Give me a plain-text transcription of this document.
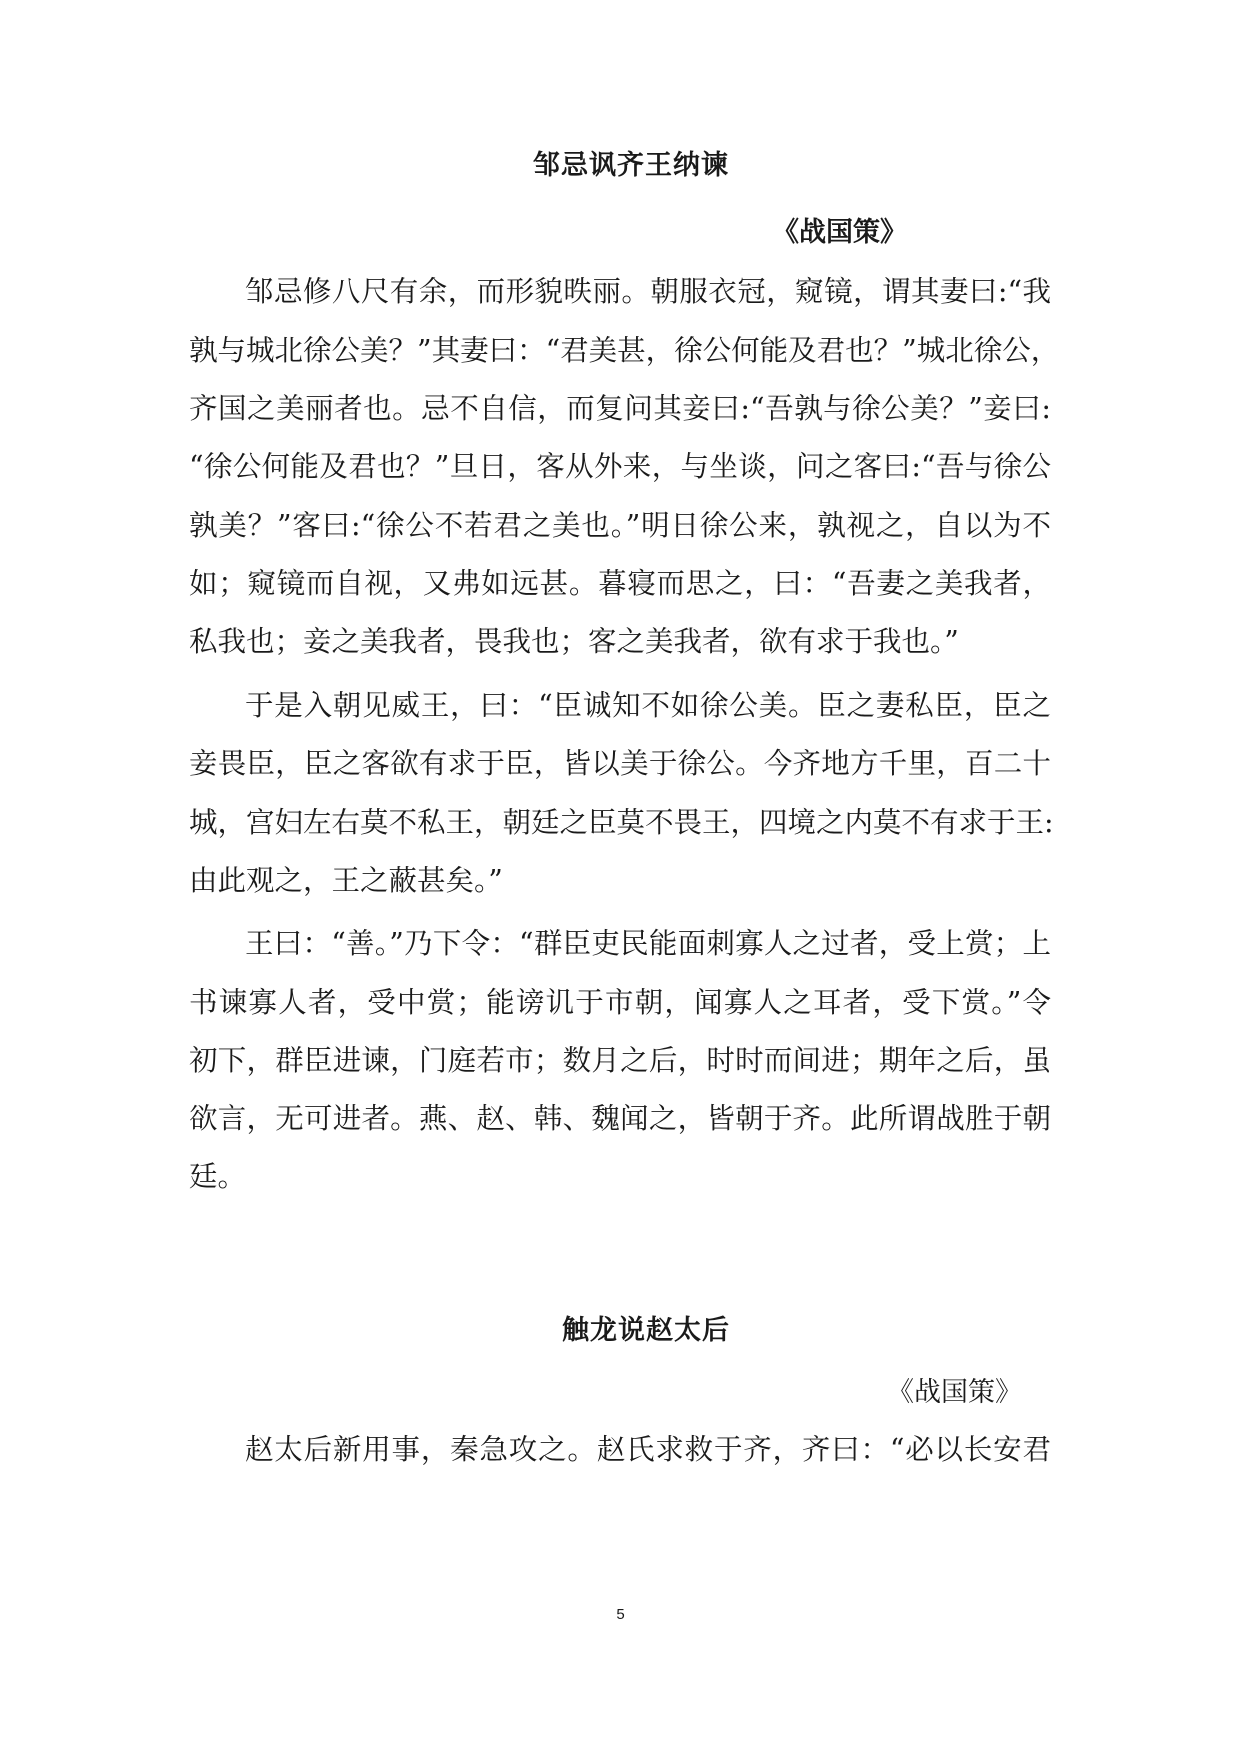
邹忌讽齐王纳谏
《战国策》
邹忌修八尺有余，而形貌昳丽。朝服衣冠，窥镜，谓其妻曰:“我
孰与城北徐公美？”其妻曰：“君美甚，徐公何能及君也？”城北徐公，
齐国之美丽者也。忌不自信，而复问其妾曰:“吾孰与徐公美？”妾曰:
“徐公何能及君也？”旦日，客从外来，与坐谈，问之客曰:“吾与徐公
孰美？”客曰:“徐公不若君之美也。”明日徐公来，孰视之，自以为不
如；窥镜而自视，又弗如远甚。暮寝而思之，曰：“吾妻之美我者，
私我也；妾之美我者，畏我也；客之美我者，欲有求于我也。”
于是入朝见威王，曰：“臣诚知不如徐公美。臣之妻私臣，臣之
妾畏臣，臣之客欲有求于臣，皆以美于徐公。今齐地方千里，百二十
城，宫妇左右莫不私王，朝廷之臣莫不畏王，四境之内莫不有求于王:
由此观之，王之蔽甚矣。”
王曰：“善。”乃下令：“群臣吏民能面刺寡人之过者，受上赏；上
书谏寡人者，受中赏；能谤讥于市朝，闻寡人之耳者，受下赏。”令
初下，群臣进谏，门庭若市；数月之后，时时而间进；期年之后，虽
欲言，无可进者。燕、赵、韩、魏闻之，皆朝于齐。此所谓战胜于朝
廷。
触龙说赵太后
《战国策》
赵太后新用事，秦急攻之。赵氏求救于齐，齐曰：“必以长安君
5
